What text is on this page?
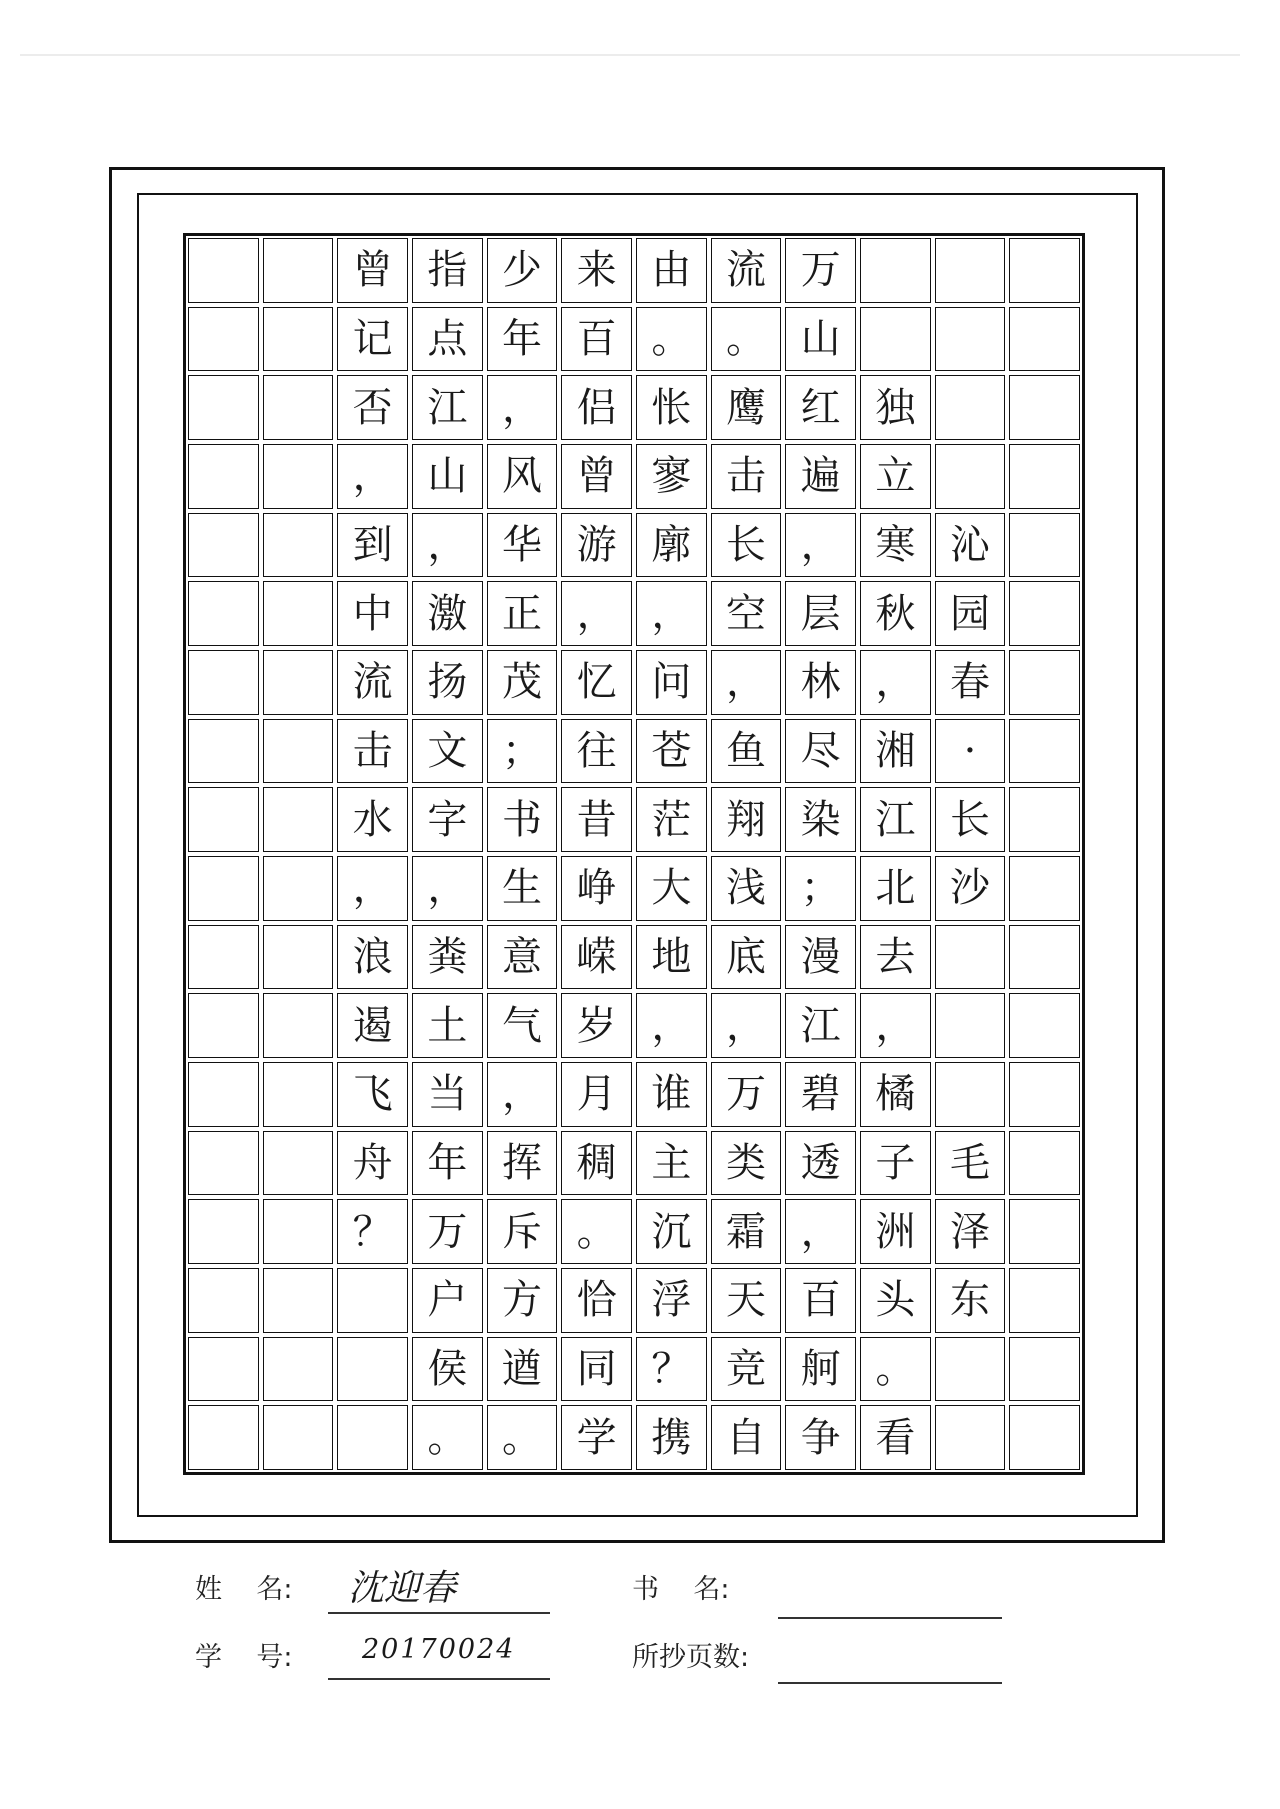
曾 指 少 来 由 流 万
记 点 年 百 。 。 山
否 江 ， 侣 怅 鹰 红 独
， 山 风 曾 寥 击 遍 立
到 ， 华 游 廓 长 ， 寒 沁
中 激 正 ， ， 空 层 秋 园
流 扬 茂 忆 问 ， 林 ， 春
击 文 ； 往 苍 鱼 尽 湘	·
水 字 书 昔 茫 翔 染 江 长
， ， 生 峥 大 浅 ； 北 沙
浪 粪 意 嵘 地 底 漫 去
遏 土 气 岁 ， ， 江 ，
飞 当 ， 月 谁 万 碧 橘
舟 年 挥 稠 主 类 透 子 毛
？ 万 斥 。 沉 霜 ， 洲 泽
户 方 恰 浮 天 百 头 东
侯 遒 同 ？ 竞 舸 。
。 。 学 携 自 争 看
姓    名: 沈迎春	书    名:
学    号:	20170024	所抄页数:
